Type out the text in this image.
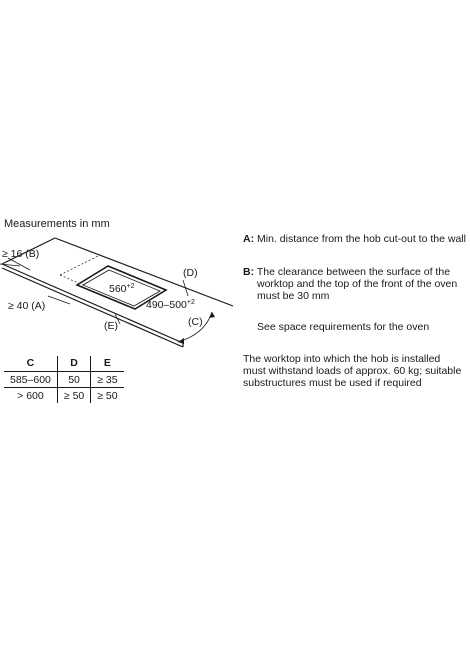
Measurements in mm
≥ 16 (B)
≥ 40 (A)
(D)
(E)	(C)
$560^{+2}$
$490-500^{+2}$
C	D	E
585–600	50	≥ 35
> 600	≥ 50	≥ 50
A: Min. distance from the hob cut-out to the wall
B: The clearance between the surface of the worktop and the top of the front of the oven must be 30 mm
See space requirements for the oven
The worktop into which the hob is installed must withstand loads of approx. 60 kg; suitable substructures must be used if required
